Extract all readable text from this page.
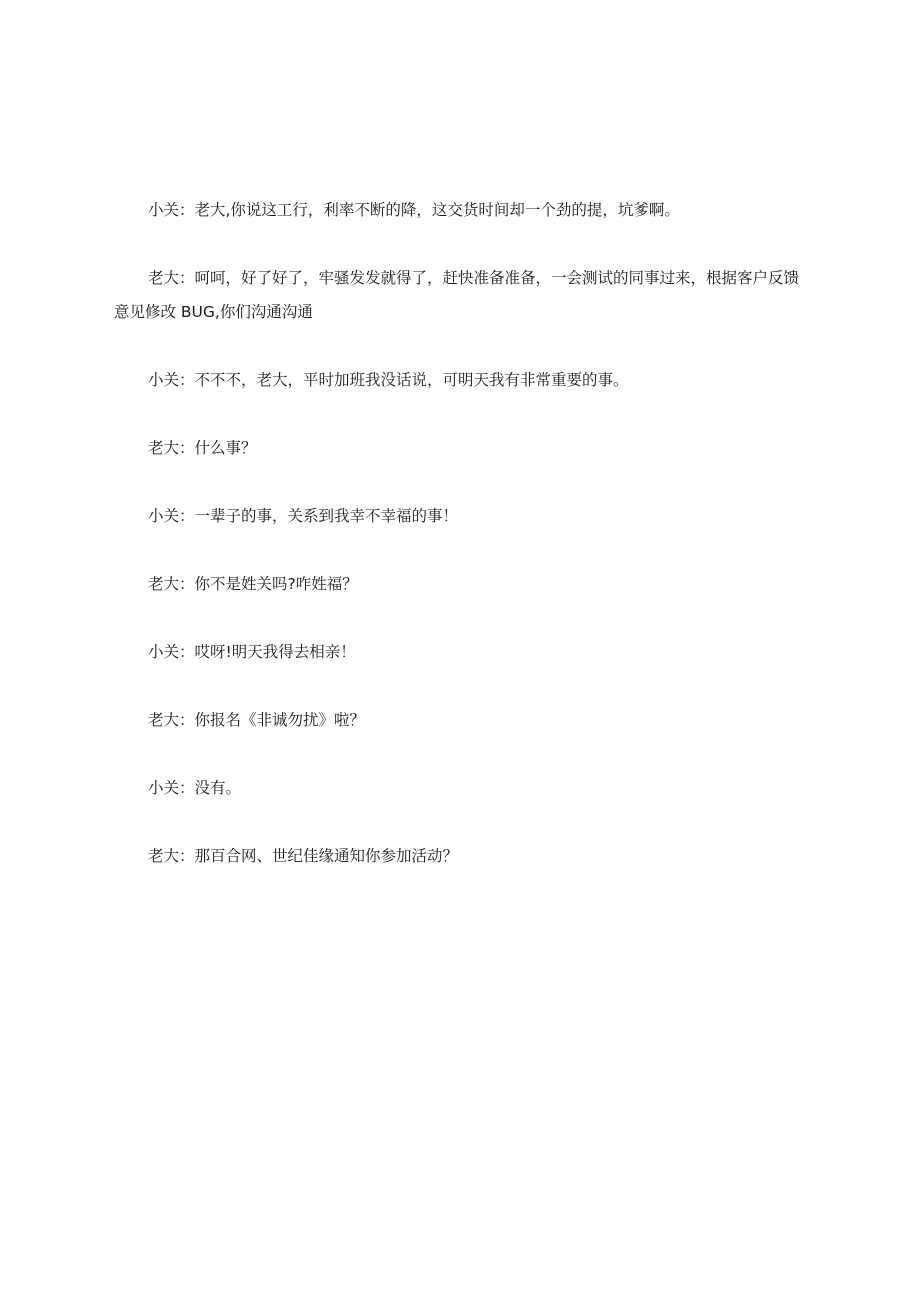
小关：老大,你说这工行，利率不断的降，这交货时间却一个劲的提，坑爹啊。

老大：呵呵，好了好了，牢骚发发就得了，赶快准备准备，一会测试的同事过来，根据客户反馈意见修改 BUG,你们沟通沟通

小关：不不不，老大，平时加班我没话说，可明天我有非常重要的事。

老大：什么事？

小关：一辈子的事，关系到我幸不幸福的事！

老大：你不是姓关吗?咋姓福？

小关：哎呀!明天我得去相亲！

老大：你报名《非诚勿扰》啦？

小关：没有。

老大：那百合网、世纪佳缘通知你参加活动？
